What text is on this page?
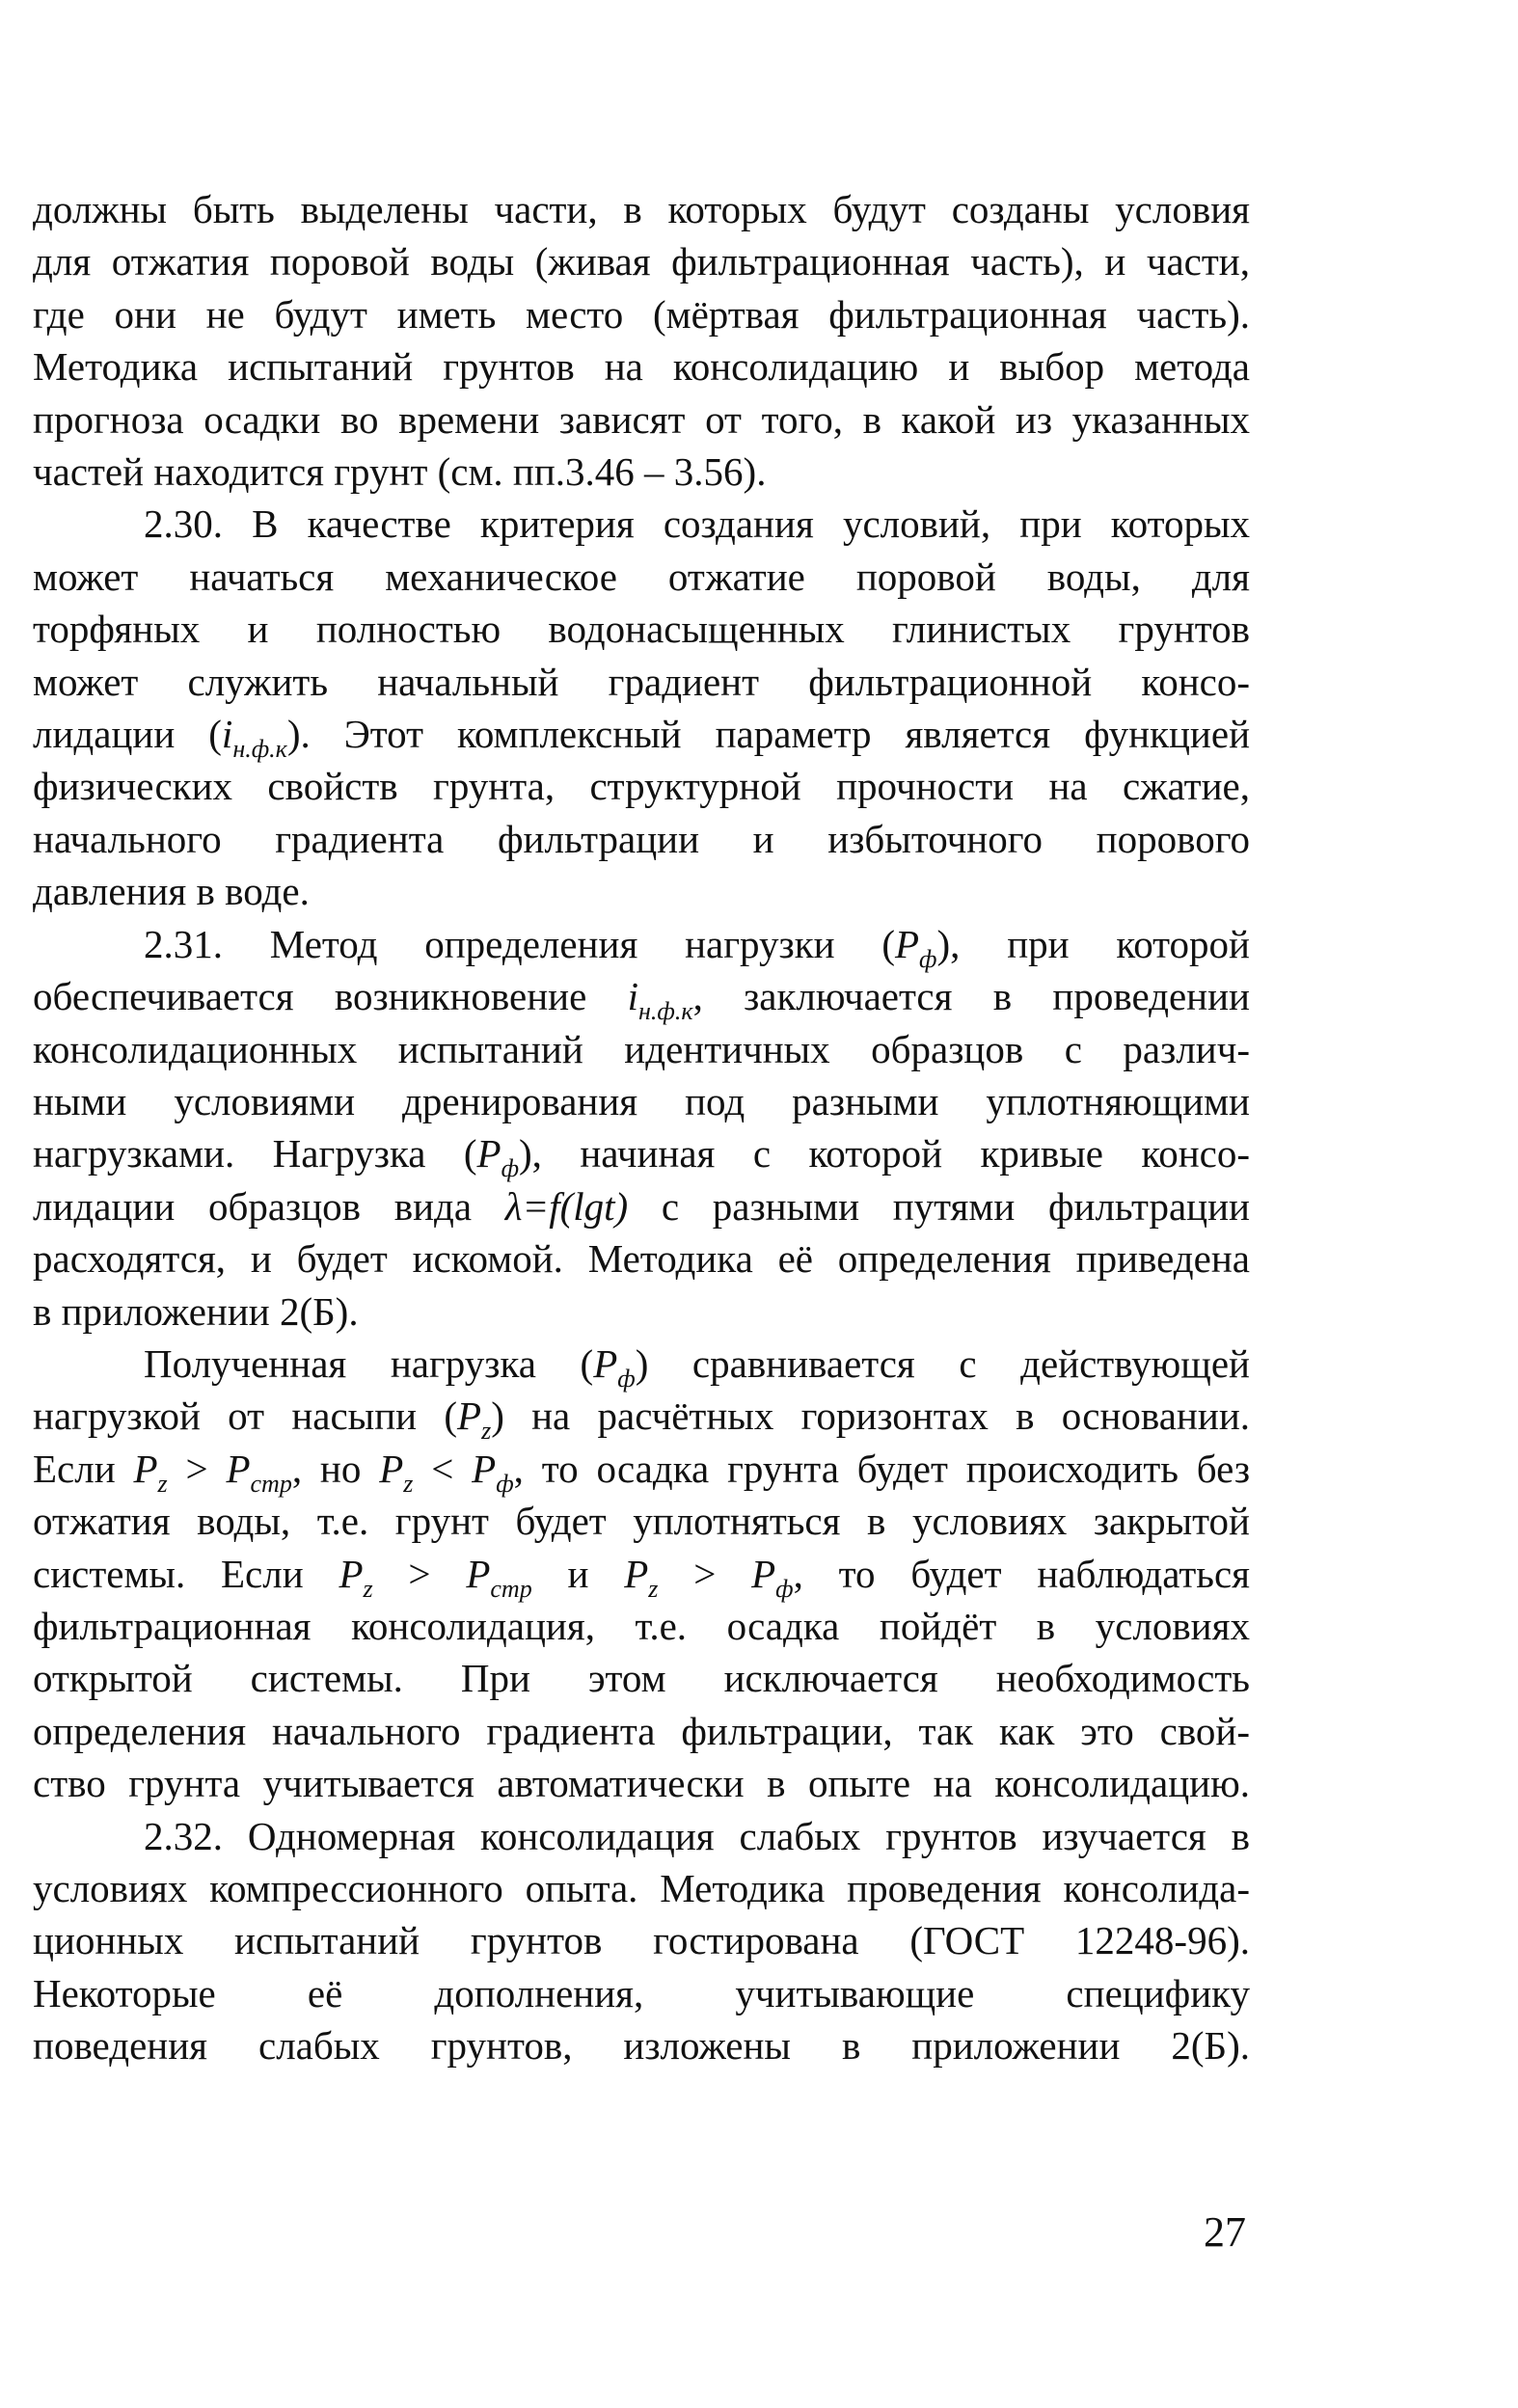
должны быть выделены части, в которых будут созданы условия
для отжатия поровой воды (живая фильтрационная часть), и части,
где они не будут иметь место (мёртвая фильтрационная часть).
Методика испытаний грунтов на консолидацию и выбор метода
прогноза осадки во времени зависят от того, в какой из указанных
частей находится грунт (см. пп.3.46 – 3.56).

2.30. В качестве критерия создания условий, при которых
может начаться механическое отжатие поровой воды, для
торфяных и полностью водонасыщенных глинистых грунтов
может служить начальный градиент фильтрационной консо-
лидации $(i_{н.ф.к})$. Этот комплексный параметр является функцией
физических свойств грунта, структурной прочности на сжатие,
начального градиента фильтрации и избыточного порового
давления в воде.

2.31. Метод определения нагрузки $(P_ф)$, при которой
обеспечивается возникновение $i_{н.ф.к}$, заключается в проведении
консолидационных испытаний идентичных образцов с различ-
ными условиями дренирования под разными уплотняющими
нагрузками. Нагрузка $(P_ф)$, начиная с которой кривые консо-
лидации образцов вида λ=f(lgt) с разными путями фильтрации
расходятся, и будет искомой. Методика её определения приведена
в приложении 2(Б).

Полученная нагрузка $(P_ф)$ сравнивается с действующей
нагрузкой от насыпи $(P_z)$ на расчётных горизонтах в основании.
Если $P_z > P_{стр}$, но $P_z < P_ф$, то осадка грунта будет происходить без
отжатия воды, т.е. грунт будет уплотняться в условиях закрытой
системы. Если $P_z > P_{стр}$ и $P_z > P_ф$, то будет наблюдаться
фильтрационная консолидация, т.е. осадка пойдёт в условиях
открытой системы. При этом исключается необходимость
определения начального градиента фильтрации, так как это свой-
ство грунта учитывается автоматически в опыте на консолидацию.

2.32. Одномерная консолидация слабых грунтов изучается в
условиях компрессионного опыта. Методика проведения консолида-
ционных испытаний грунтов гостирована (ГОСТ 12248-96).
Некоторые её дополнения, учитывающие специфику
поведения слабых грунтов, изложены в приложении 2(Б).

27
